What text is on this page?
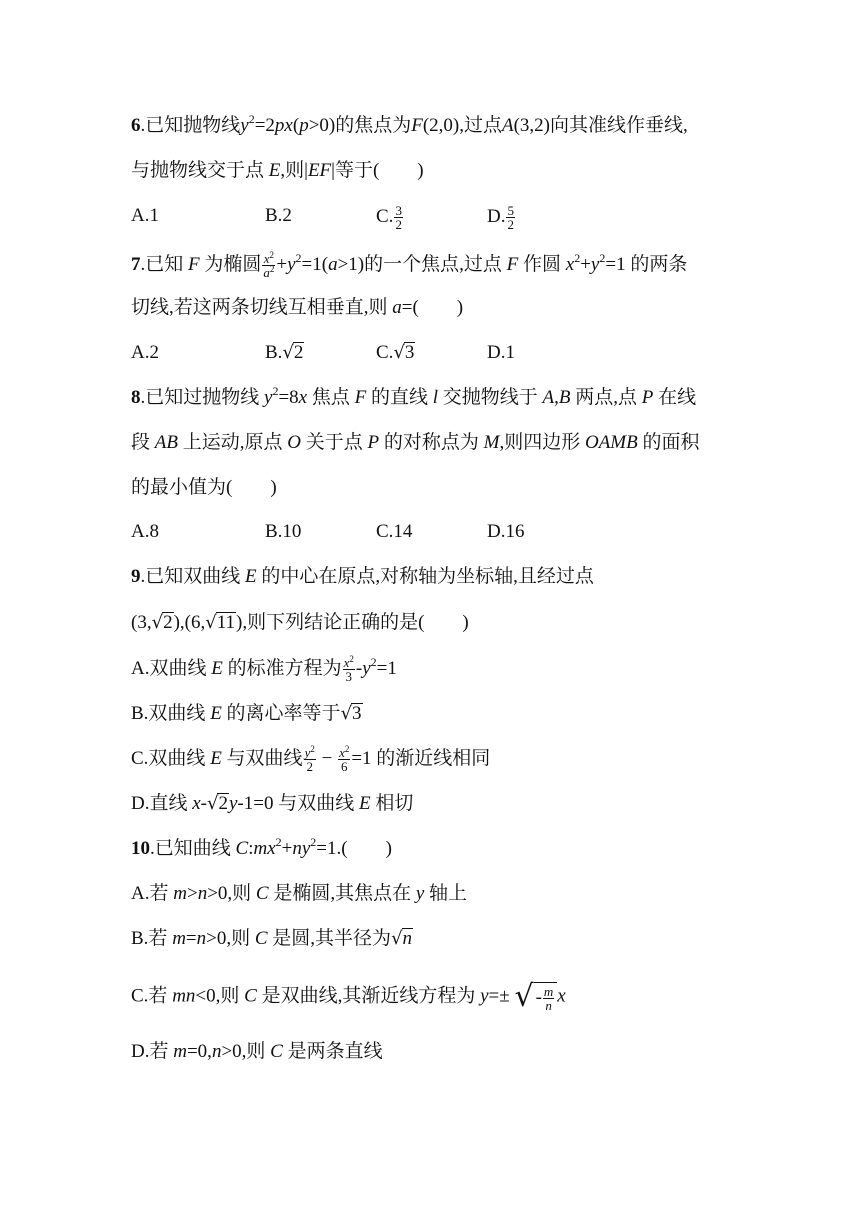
6.已知抛物线$y^2=2px(p>0)$的焦点为F(2,0),过点A(3,2)向其准线作垂线,
与抛物线交于点 E,则|EF|等于(　　)
A.1	B.2	C. $\frac{3}{2}$	D. $\frac{5}{2}$
7.已知 F 为椭圆 $\frac{x^2}{a^2} +y^2=1(a>1)$的一个焦点,过点 F 作圆 $x^2+y^2=1$ 的两条
切线,若这两条切线互相垂直,则 a=(　　)
A.2	B.√2	C.√3	D.1
8.已知过抛物线 $y^2=8x$ 焦点 F 的直线 l 交抛物线于 A,B 两点,点 P 在线
段 AB 上运动,原点 O 关于点 P 的对称点为 M,则四边形 OAMB 的面积
的最小值为(　　)
A.8	B.10	C.14	D.16
9.已知双曲线 E 的中心在原点,对称轴为坐标轴,且经过点
(3,√2),(6,√11),则下列结论正确的是(　　)
A.双曲线 E 的标准方程为 $\frac{x^2}{3} -y^2=1$
B.双曲线 E 的离心率等于√3
C.双曲线 E 与双曲线 $\frac{y^2}{2} - \frac{x^2}{6} =1$ 的渐近线相同
D.直线 x-√2y-1=0 与双曲线 E 相切
10.已知曲线 $C:mx^2+ny^2=1$.(　　)
A.若 m>n>0,则 C 是椭圆,其焦点在 y 轴上
B.若 m=n>0,则 C 是圆,其半径为√n
C.若 mn<0,则 C 是双曲线,其渐近线方程为 y=± √ - $\frac{m}{n}$ x
D.若 m=0,n>0,则 C 是两条直线
